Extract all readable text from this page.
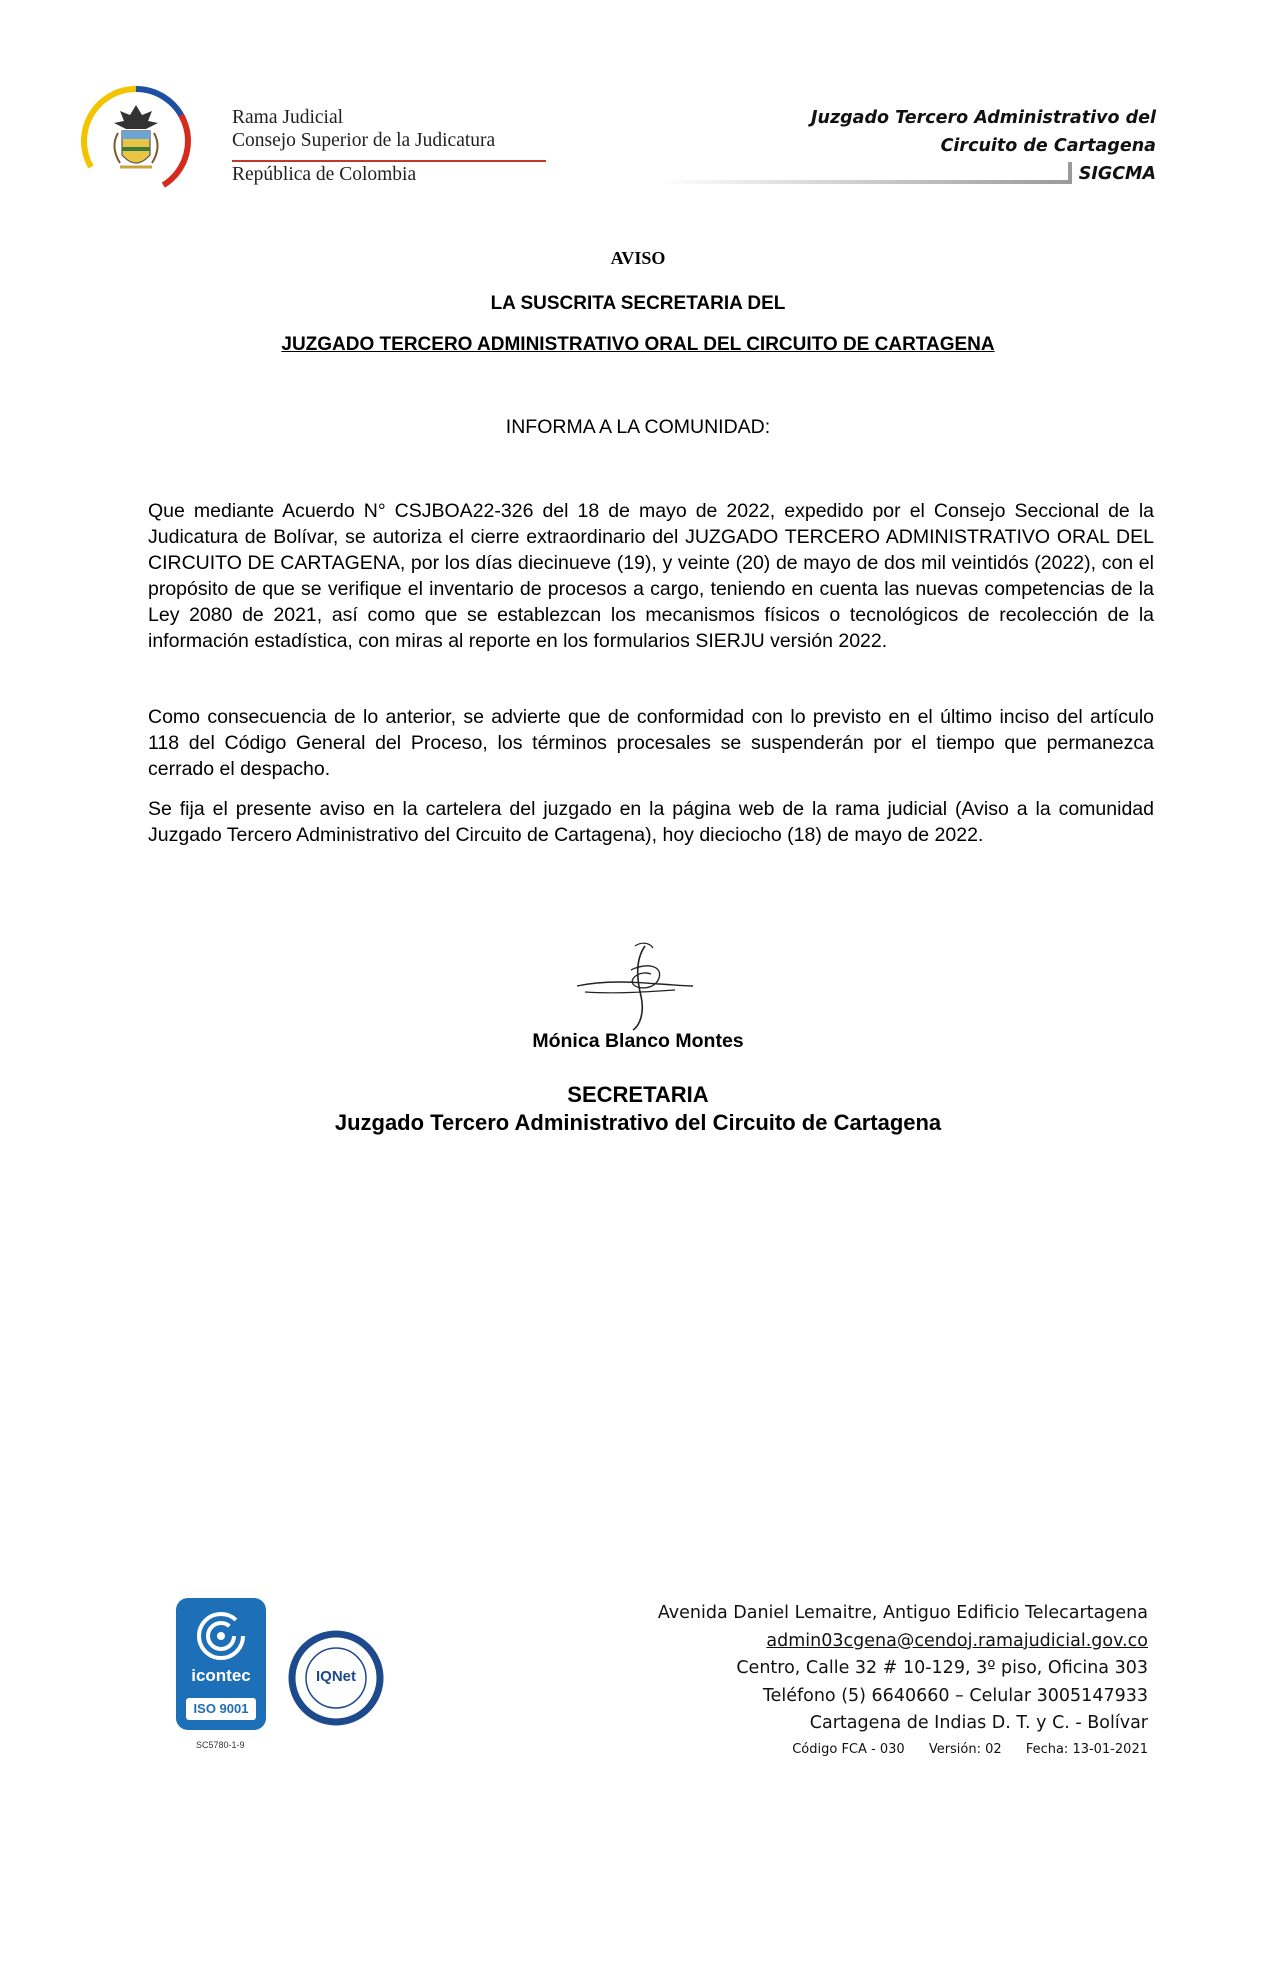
Rama Judicial
Consejo Superior de la Judicatura
República de Colombia
Juzgado Tercero Administrativo del
Circuito de Cartagena
SIGCMA
AVISO
LA SUSCRITA SECRETARIA DEL
JUZGADO TERCERO ADMINISTRATIVO ORAL DEL CIRCUITO DE CARTAGENA
INFORMA A LA COMUNIDAD:
Que mediante Acuerdo N° CSJBOA22-326 del 18 de mayo de 2022, expedido por el Consejo Seccional de la Judicatura de Bolívar, se autoriza el cierre extraordinario del JUZGADO TERCERO ADMINISTRATIVO ORAL DEL CIRCUITO DE CARTAGENA, por los días diecinueve (19), y veinte (20) de mayo de dos mil veintidós (2022), con el propósito de que se verifique el inventario de procesos a cargo, teniendo en cuenta las nuevas competencias de la Ley 2080 de 2021, así como que se establezcan los mecanismos físicos o tecnológicos de recolección de la información estadística, con miras al reporte en los formularios SIERJU versión 2022.
Como consecuencia de lo anterior, se advierte que de conformidad con lo previsto en el último inciso del artículo 118 del Código General del Proceso, los términos procesales se suspenderán por el tiempo que permanezca cerrado el despacho.
Se fija el presente aviso en la cartelera del juzgado en la página web de la rama judicial (Aviso a la comunidad Juzgado Tercero Administrativo del Circuito de Cartagena), hoy dieciocho (18) de mayo de 2022.
Mónica Blanco Montes
SECRETARIA
Juzgado Tercero Administrativo del Circuito de Cartagena
icontec
ISO 9001
SC5780-1-9
IQNet
Avenida Daniel Lemaitre, Antiguo Edificio Telecartagena
admin03cgena@cendoj.ramajudicial.gov.co
Centro, Calle 32 # 10-129, 3º piso, Oficina 303
Teléfono (5) 6640660 – Celular 3005147933
Cartagena de Indias D. T. y C. - Bolívar
Código FCA - 030 Versión: 02 Fecha: 13-01-2021
